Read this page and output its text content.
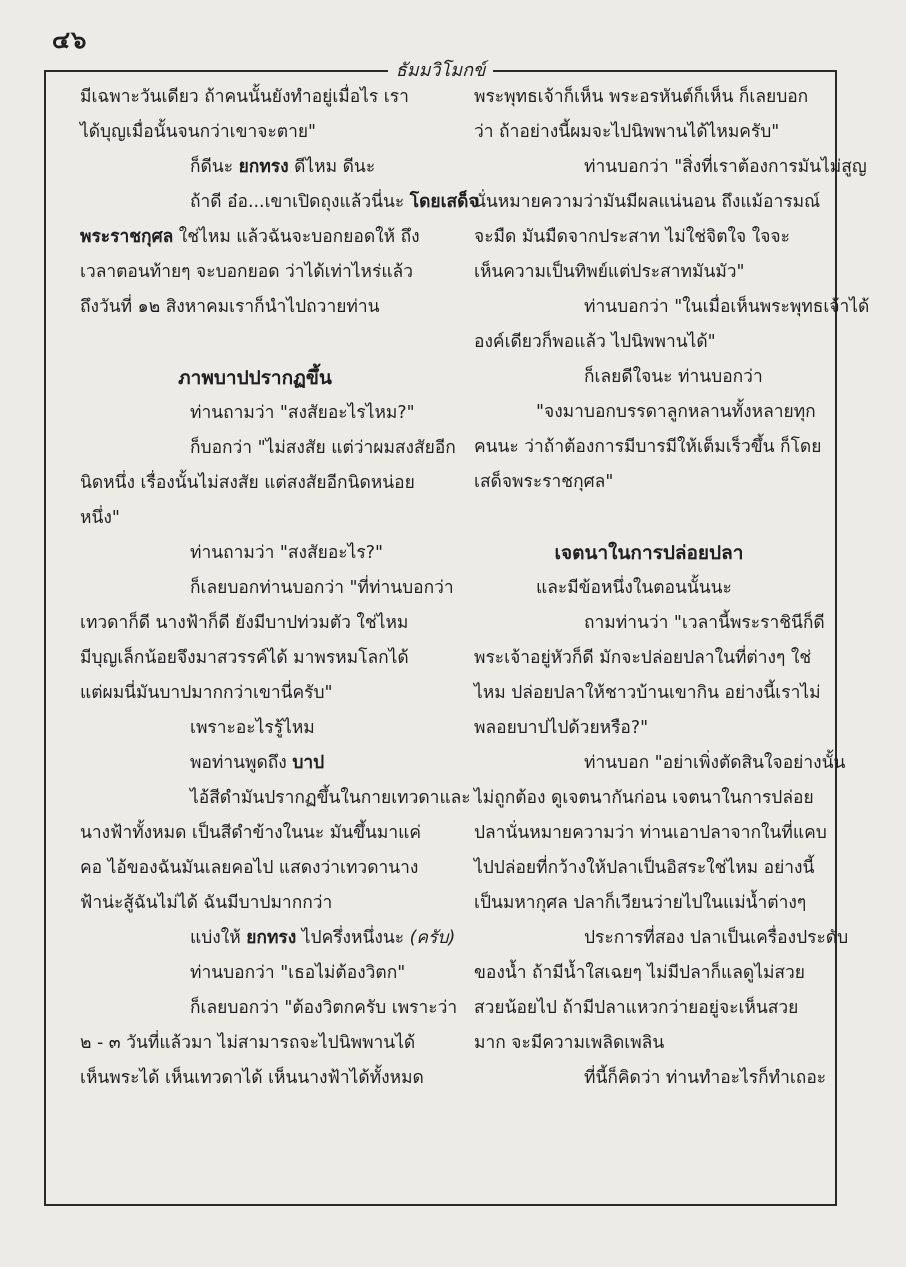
๔๖
ธัมมวิโมกข์
มีเฉพาะวันเดียว ถ้าคนนั้นยังทำอยู่เมื่อไร เรา
ได้บุญเมื่อนั้นจนกว่าเขาจะตาย"
ก็ดีนะ ยกทรง ดีไหม ดีนะ
ถ้าดี อ๋อ...เขาเปิดถุงแล้วนี่นะ โดยเสด็จ
พระราชกุศล ใช่ไหม แล้วฉันจะบอกยอดให้ ถึง
เวลาตอนท้ายๆ จะบอกยอด ว่าได้เท่าไหร่แล้ว
ถึงวันที่ ๑๒ สิงหาคมเราก็นำไปถวายท่าน
ภาพบาปปรากฏขึ้น
ท่านถามว่า "สงสัยอะไรไหม?"
ก็บอกว่า "ไม่สงสัย แต่ว่าผมสงสัยอีก
นิดหนึ่ง เรื่องนั้นไม่สงสัย แต่สงสัยอีกนิดหน่อย
หนึ่ง"
ท่านถามว่า "สงสัยอะไร?"
ก็เลยบอกท่านบอกว่า "ที่ท่านบอกว่า
เทวดาก็ดี นางฟ้าก็ดี ยังมีบาปท่วมตัว ใช่ไหม
มีบุญเล็กน้อยจึงมาสวรรค์ได้ มาพรหมโลกได้
แต่ผมนี่มันบาปมากกว่าเขานี่ครับ"
เพราะอะไรรู้ไหม
พอท่านพูดถึง บาป
ไอ้สีดำมันปรากฏขึ้นในกายเทวดาและ
นางฟ้าทั้งหมด เป็นสีดำข้างในนะ มันขึ้นมาแค่
คอ ไอ้ของฉันมันเลยคอไป แสดงว่าเทวดานาง
ฟ้าน่ะสู้ฉันไม่ได้ ฉันมีบาปมากกว่า
แบ่งให้ ยกทรง ไปครึ่งหนึ่งนะ (ครับ)
ท่านบอกว่า "เธอไม่ต้องวิตก"
ก็เลยบอกว่า "ต้องวิตกครับ เพราะว่า
๒ - ๓ วันที่แล้วมา ไม่สามารถจะไปนิพพานได้
เห็นพระได้ เห็นเทวดาได้ เห็นนางฟ้าได้ทั้งหมด
พระพุทธเจ้าก็เห็น พระอรหันต์ก็เห็น ก็เลยบอก
ว่า ถ้าอย่างนี้ผมจะไปนิพพานได้ไหมครับ"
ท่านบอกว่า "สิ่งที่เราต้องการมันไม่สูญ
นั่นหมายความว่ามันมีผลแน่นอน ถึงแม้อารมณ์
จะมืด มันมืดจากประสาท ไม่ใช่จิตใจ ใจจะ
เห็นความเป็นทิพย์แต่ประสาทมันมัว"
ท่านบอกว่า "ในเมื่อเห็นพระพุทธเจ้าได้
องค์เดียวก็พอแล้ว ไปนิพพานได้"
ก็เลยดีใจนะ ท่านบอกว่า
"จงมาบอกบรรดาลูกหลานทั้งหลายทุก
คนนะ ว่าถ้าต้องการมีบารมีให้เต็มเร็วขึ้น ก็โดย
เสด็จพระราชกุศล"
เจตนาในการปล่อยปลา
และมีข้อหนึ่งในตอนนั้นนะ
ถามท่านว่า "เวลานี้พระราชินีก็ดี
พระเจ้าอยู่หัวก็ดี มักจะปล่อยปลาในที่ต่างๆ ใช่
ไหม ปล่อยปลาให้ชาวบ้านเขากิน อย่างนี้เราไม่
พลอยบาปไปด้วยหรือ?"
ท่านบอก "อย่าเพิ่งตัดสินใจอย่างนั้น
ไม่ถูกต้อง ดูเจตนากันก่อน เจตนาในการปล่อย
ปลานั่นหมายความว่า ท่านเอาปลาจากในที่แคบ
ไปปล่อยที่กว้างให้ปลาเป็นอิสระใช่ไหม อย่างนี้
เป็นมหากุศล ปลาก็เวียนว่ายไปในแม่น้ำต่างๆ
ประการที่สอง ปลาเป็นเครื่องประดับ
ของน้ำ ถ้ามีน้ำใสเฉยๆ ไม่มีปลาก็แลดูไม่สวย
สวยน้อยไป ถ้ามีปลาแหวกว่ายอยู่จะเห็นสวย
มาก จะมีความเพลิดเพลิน
ที่นี้ก็คิดว่า ท่านทำอะไรก็ทำเถอะ
